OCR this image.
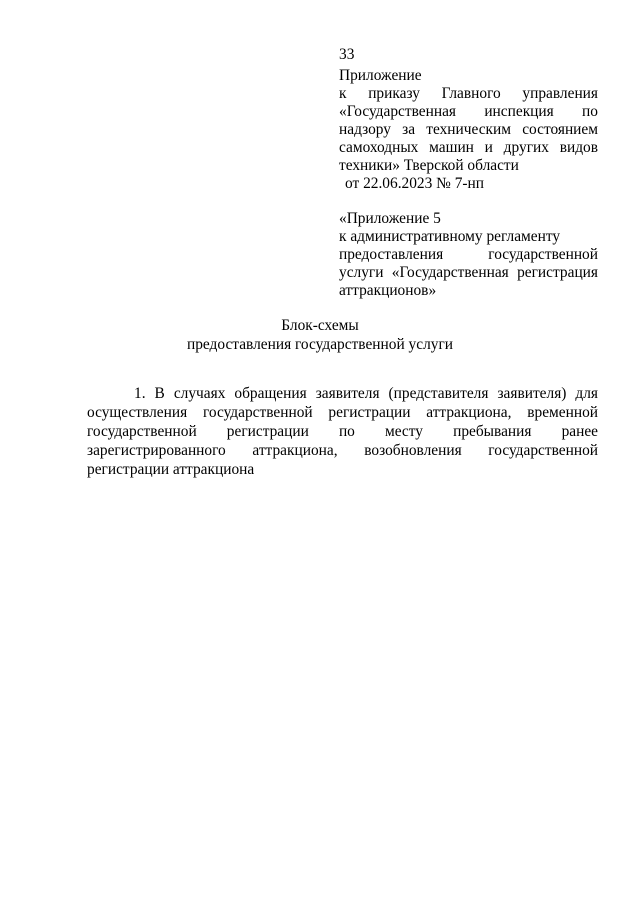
33
Приложение
к приказу Главного управления
«Государственная инспекция по
надзору за техническим состоянием
самоходных машин и других видов
техники» Тверской области
от 22.06.2023 № 7-нп
«Приложение 5
к административному регламенту
предоставления государственной
услуги «Государственная регистрация
аттракционов»
Блок-схемы
предоставления государственной услуги
1. В случаях обращения заявителя (представителя заявителя) для
осуществления государственной регистрации аттракциона, временной
государственной регистрации по месту пребывания ранее
зарегистрированного аттракциона, возобновления государственной
регистрации аттракциона
